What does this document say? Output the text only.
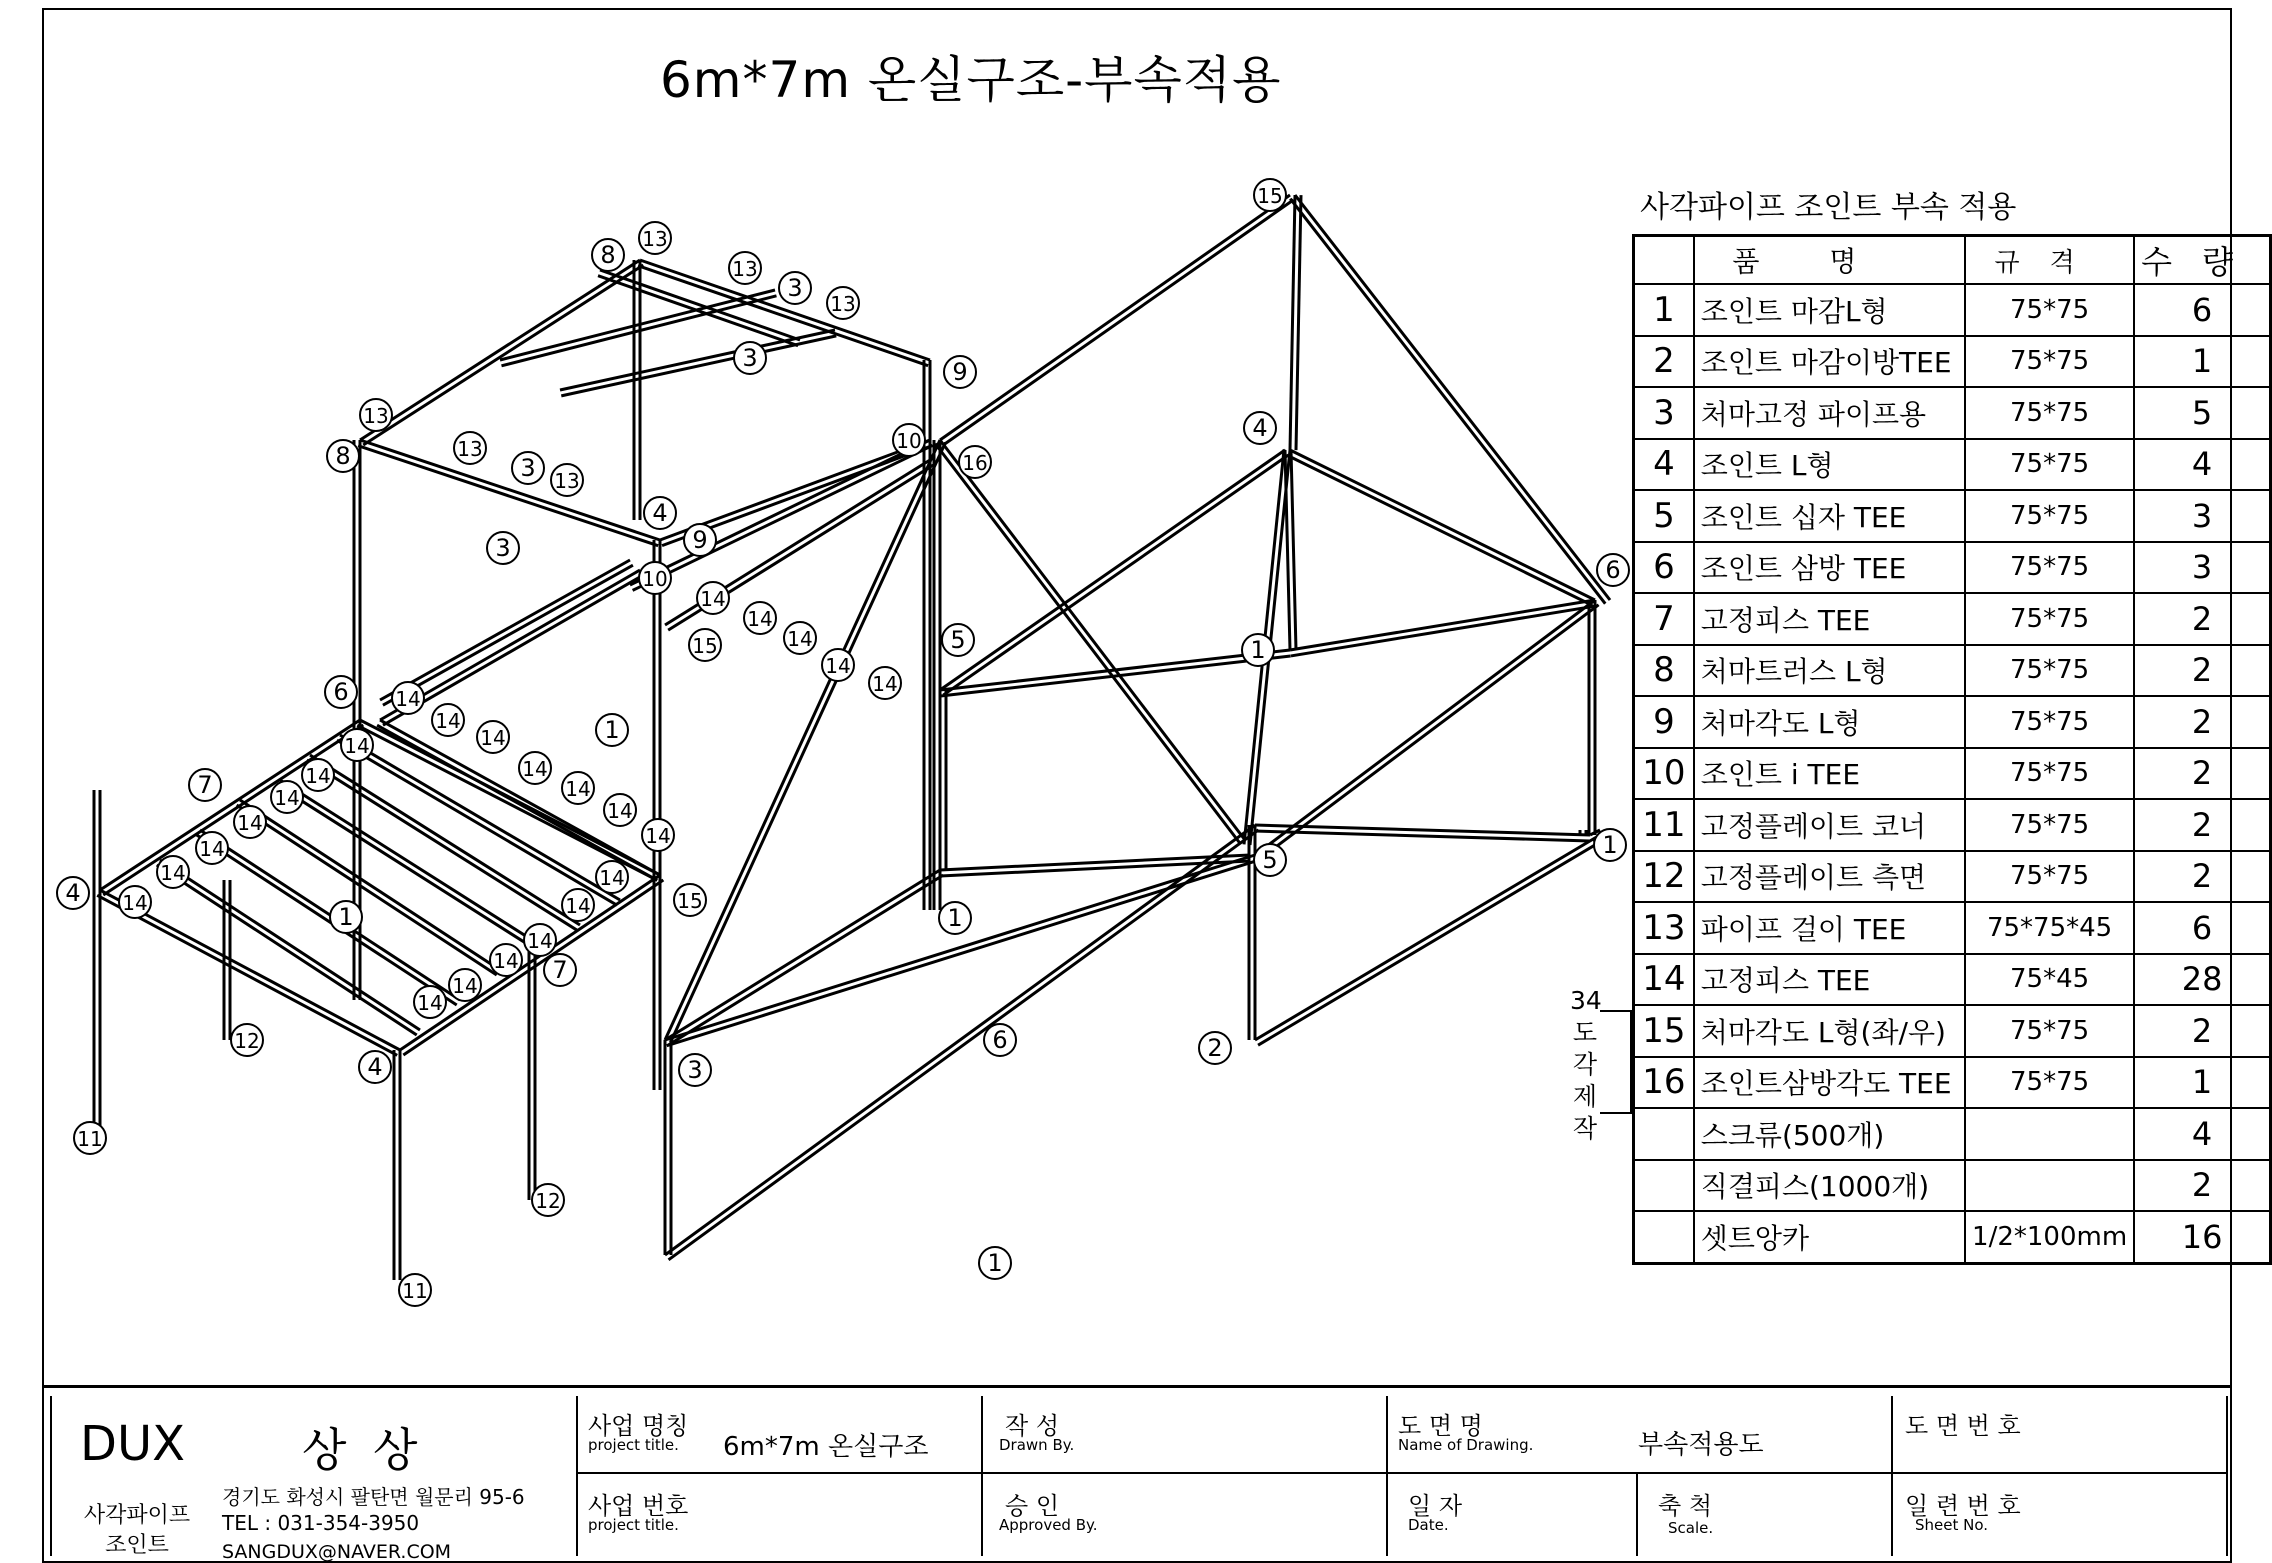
6m*7m 온실구조-부속적용
15
8
13
13
3
13
9
3
13
8	13
3 13
10
16
4
4
9
3
10
14
15
14
14
14
14
5	1
6
6 14
14
14	1
14
14
14
14
7
14
14
14
14
14
14
14
4
1
5
14
15
14
1
14
7
14
14
14
1
12
4
6	2
3
11
12
11
1
사각파이프 조인트 부속 적용
	품명	규격	수량
1	조인트 마감L형	75*75	6
2	조인트 마감이방TEE	75*75	1
3	처마고정 파이프용	75*75	5
4	조인트 L형	75*75	4
5	조인트 십자 TEE	75*75	3
6	조인트 삼방 TEE	75*75	3
7	고정피스 TEE	75*75	2
8	처마트러스 L형	75*75	2
9	처마각도 L형	75*75	2
10	조인트 i TEE	75*75	2
11	고정플레이트 코너	75*75	2
12	고정플레이트 측면	75*75	2
13	파이프 걸이 TEE	75*75*45	6
14	고정피스 TEE	75*45	28
15	처마각도 L형(좌/우)	75*75	2
16	조인트삼방각도 TEE	75*75	1
	스크류(500개)		4
	직결피스(1000개)		2
	셋트앙카	1/2*100mm	16
34도각제작
DUX	상 상
사각파이프 조인트
경기도 화성시 팔탄면 월문리 95-6
TEL : 031-354-3950
SANGDUX@NAVER.COM
사업 명칭
project title. 6m*7m 온실구조
사업 번호
project title.
작 성
Drawn By.
승 인
Approved By.
도 면 명
Name of Drawing.	부속적용도
일 자
Date.
축 척
Scale.
도 면 번 호
일 련 번 호
Sheet No.
